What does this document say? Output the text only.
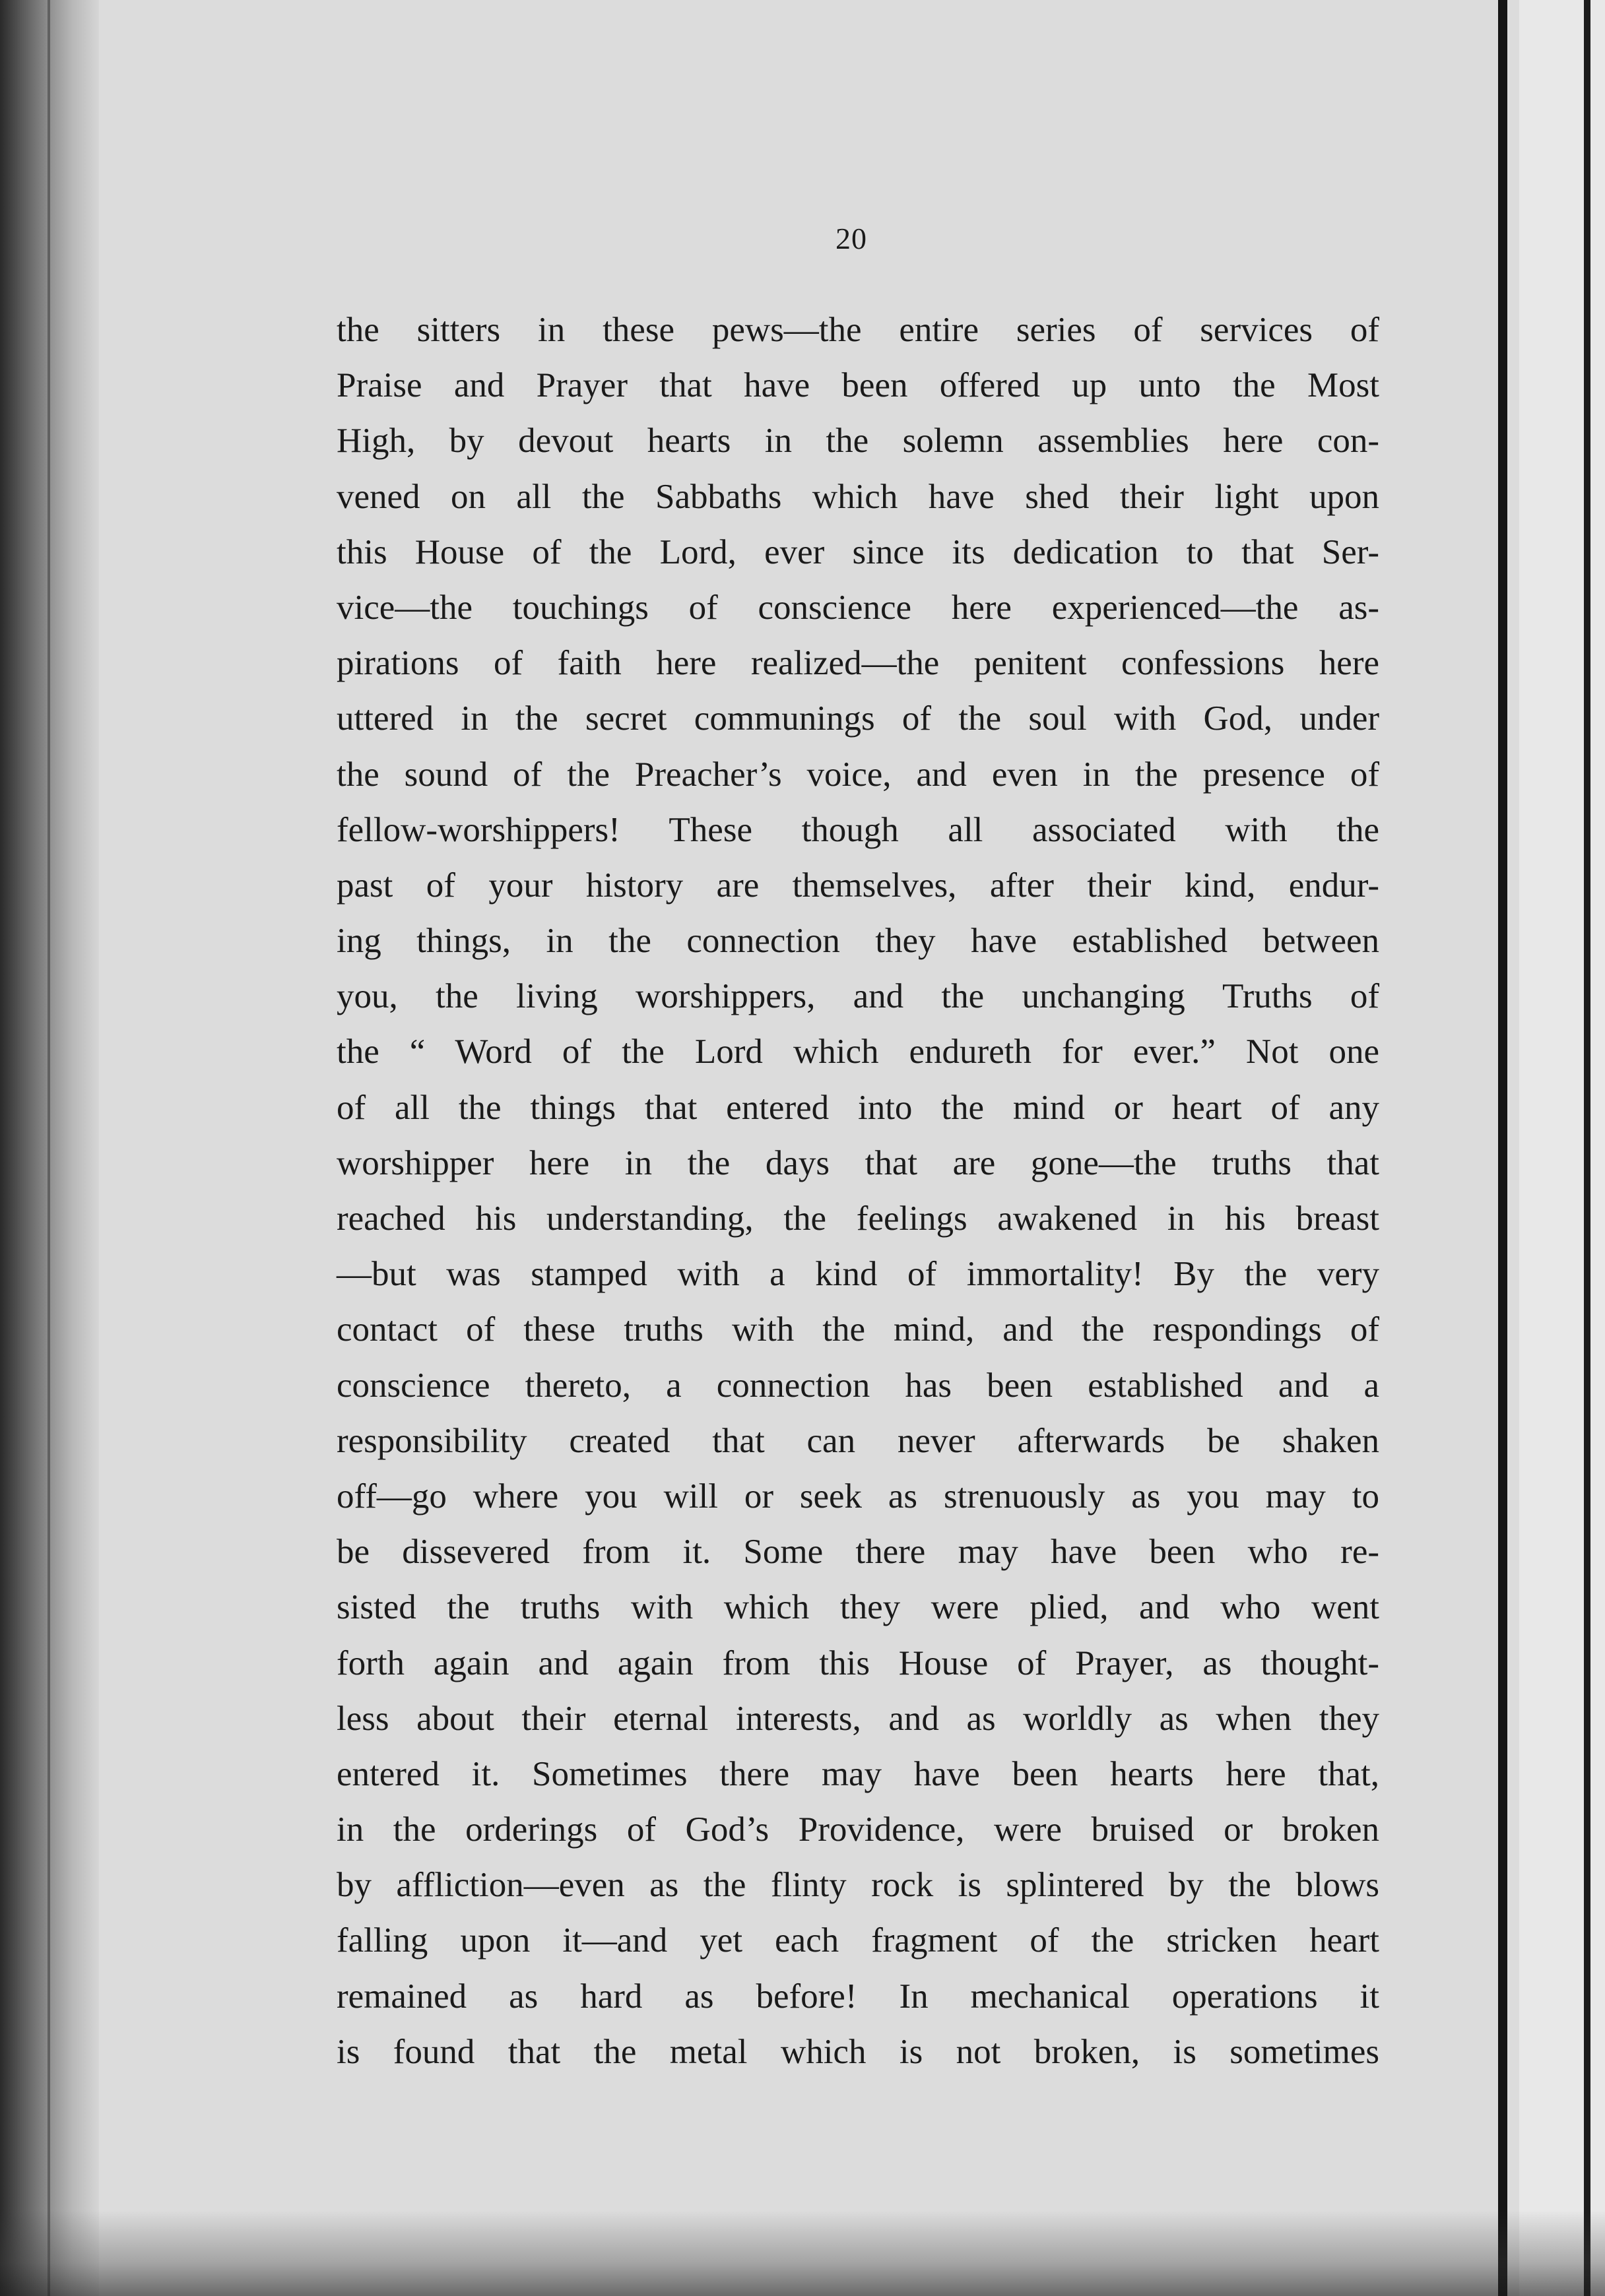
20
the sitters in these pews—the entire series of services of
Praise and Prayer that have been offered up unto the Most
High, by devout hearts in the solemn assemblies here con-
vened on all the Sabbaths which have shed their light upon
this House of the Lord, ever since its dedication to that Ser-
vice—the touchings of conscience here experienced—the as-
pirations of faith here realized—the penitent confessions here
uttered in the secret communings of the soul with God, under
the sound of the Preacher’s voice, and even in the presence of
fellow-worshippers! These though all associated with the
past of your history are themselves, after their kind, endur-
ing things, in the connection they have established between
you, the living worshippers, and the unchanging Truths of
the “ Word of the Lord which endureth for ever.” Not one
of all the things that entered into the mind or heart of any
worshipper here in the days that are gone—the truths that
reached his understanding, the feelings awakened in his breast
—but was stamped with a kind of immortality! By the very
contact of these truths with the mind, and the respondings of
conscience thereto, a connection has been established and a
responsibility created that can never afterwards be shaken
off—go where you will or seek as strenuously as you may to
be dissevered from it. Some there may have been who re-
sisted the truths with which they were plied, and who went
forth again and again from this House of Prayer, as thought-
less about their eternal interests, and as worldly as when they
entered it. Sometimes there may have been hearts here that,
in the orderings of God’s Providence, were bruised or broken
by affliction—even as the flinty rock is splintered by the blows
falling upon it—and yet each fragment of the stricken heart
remained as hard as before! In mechanical operations it
is found that the metal which is not broken, is sometimes
